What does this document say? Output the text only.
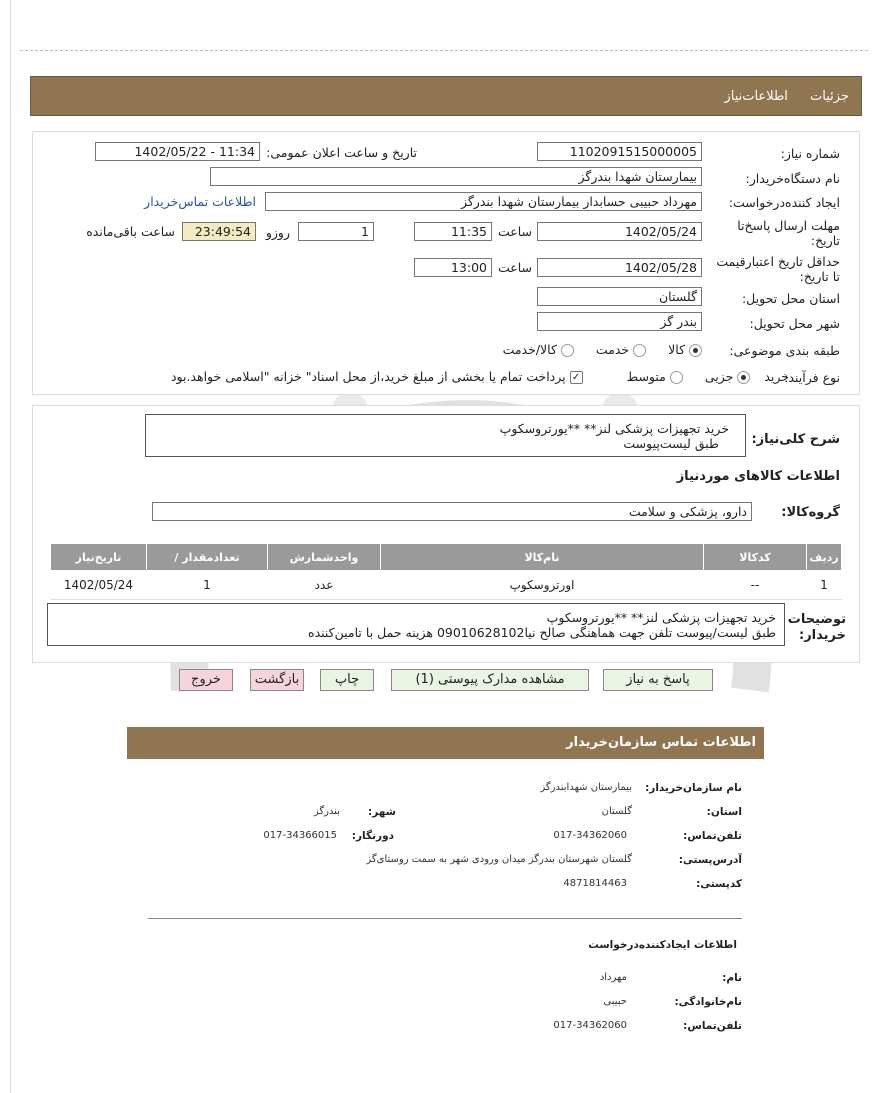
جزئيات اطلاعات‌نیاز
شماره نیاز:
1102091515000005
تاریخ و ساعت اعلان عمومی:
1402/05/22 - 11:34
نام دستگاه‌خریدار:
بیمارستان شهدا بندرگز
ایجاد کننده‌درخواست:
مهرداد حبیبی حسابدار بیمارستان شهدا بندرگز
اطلاعات تماس‌خریدار
مهلت ارسال پاسخ‌تا
تاریخ:
1402/05/24
ساعت
11:35
1
روزو
23:49:54
ساعت باقی‌مانده
حداقل تاریخ اعتبار‌قیمت
تا تاریخ:
1402/05/28
ساعت
13:00
استان محل تحویل:
گلستان
شهر محل تحویل:
بندر گز
طبقه بندی موضوعی:
کالا  خدمت  کالا/خدمت
نوع فرآیند:
خرید  جزیی  متوسط ✓ پرداخت تمام یا بخشی از مبلغ خرید،از محل اسناد" خزانه "اسلامی خواهد.بود
شرح کلی‌نیاز:
خرید تجهیزات پزشکی لنز** **یورتروسکوپ
طبق لیست‌پیوست
اطلاعات کالاهای موردنیاز
گروه‌کالا:
دارو، پزشکی و سلامت
ردیف	کدکالا	نام‌کالا	واحدشمارش	تعدادمقدار /	تاریخ‌نیاز
1	--	اورتروسکوپ	عدد	1	1402/05/24
توضیحات
خریدار:
خرید تجهیزات پزشکی لنز** **یورتروسکوپ
طبق لیست/پیوست تلفن جهت هماهنگی صالح نیا09010628102 هزینه حمل با تامین‌کننده
پاسخ به نیاز
مشاهده مدارک پیوستی (1)
چاپ
بازگشت
خروج
اطلاعات تماس سازمان‌خریدار
نام سازمان‌خریدار:
بیمارستان شهدابندرگز
استان:
گلستان
شهر:
بندرگز
تلفن‌تماس:
017-34362060
دورنگار:
017-34366015
آدرس‌پستی:
گلستان شهرستان بندرگز میدان ورودی شهر به سمت روستای‌گز
کد‌پستی:
4871814463
اطلاعات ایجادکننده‌درخواست
نام:
مهرداد
نام‌خانوادگی:
حبیبی
تلفن‌تماس:
017-34362060
